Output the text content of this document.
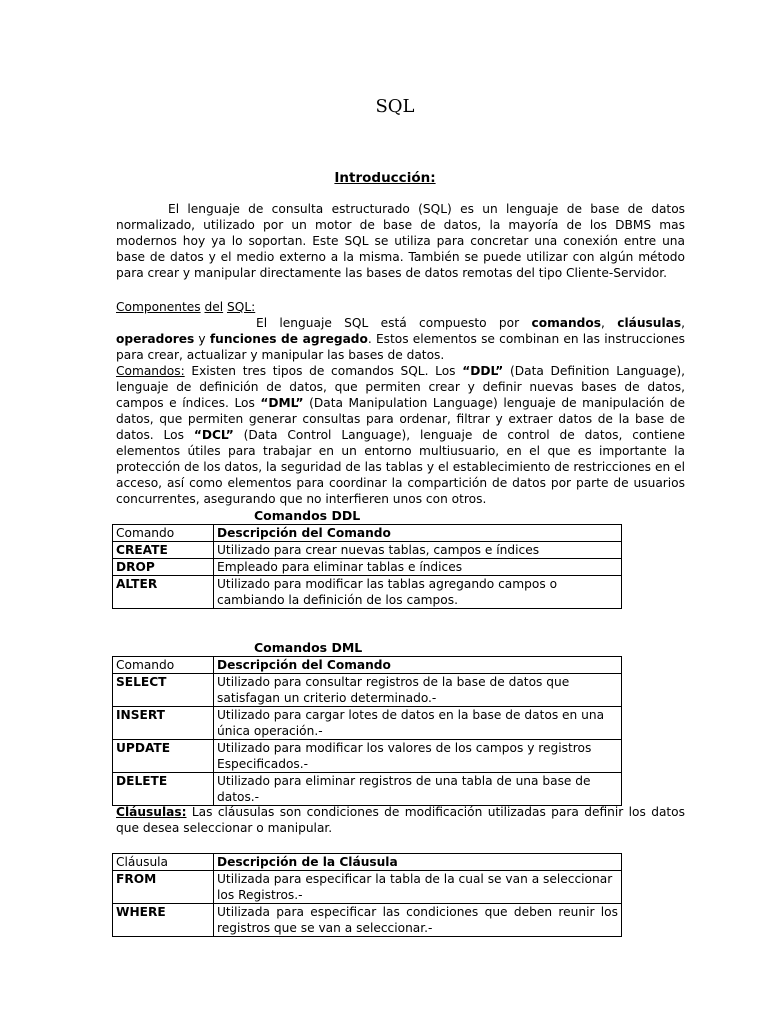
SQL
Introducción:

El lenguaje de consulta estructurado (SQL) es un lenguaje de base de datos normalizado, utilizado por un motor de base de datos, la mayoría de los DBMS mas modernos hoy ya lo soportan. Este SQL se utiliza para concretar una conexión entre una base de datos y el medio externo a la misma. También se puede utilizar con algún método para crear y manipular directamente las bases de datos remotas del tipo Cliente-Servidor.

Componentes del SQL:
El lenguaje SQL está compuesto por comandos, cláusulas, operadores y funciones de agregado. Estos elementos se combinan en las instrucciones para crear, actualizar y manipular las bases de datos.

Comandos: Existen tres tipos de comandos SQL. Los “DDL” (Data Definition Language), lenguaje de definición de datos, que permiten crear y definir nuevas bases de datos, campos e índices. Los “DML” (Data Manipulation Language) lenguaje de manipulación de datos, que permiten generar consultas para ordenar, filtrar y extraer datos de la base de datos. Los “DCL” (Data Control Language), lenguaje de control de datos, contiene elementos útiles para trabajar en un entorno multiusuario, en el que es importante la protección de los datos, la seguridad de las tablas y el establecimiento de restricciones en el acceso, así como elementos para coordinar la compartición de datos por parte de usuarios concurrentes, asegurando que no interfieren unos con otros.

Comandos DDL
Comando	Descripción del Comando
CREATE	Utilizado para crear nuevas tablas, campos e índices
DROP	Empleado para eliminar tablas e índices
ALTER	Utilizado para modificar las tablas agregando campos o cambiando la definición de los campos.
Comandos DML
Comando	Descripción del Comando
SELECT	Utilizado para consultar registros de la base de datos que satisfagan un criterio determinado.-
INSERT	Utilizado para cargar lotes de datos en la base de datos en una única operación.-
UPDATE	Utilizado para modificar los valores de los campos y registros Especificados.-
DELETE	Utilizado para eliminar registros de una tabla de una base de datos.-

Cláusulas: Las cláusulas son condiciones de modificación utilizadas para definir los datos que desea seleccionar o manipular.

Cláusula	Descripción de la Cláusula
FROM	Utilizada para especificar la tabla de la cual se van a seleccionar los Registros.-
WHERE	Utilizada para especificar las condiciones que deben reunir los registros que se van a seleccionar.-
